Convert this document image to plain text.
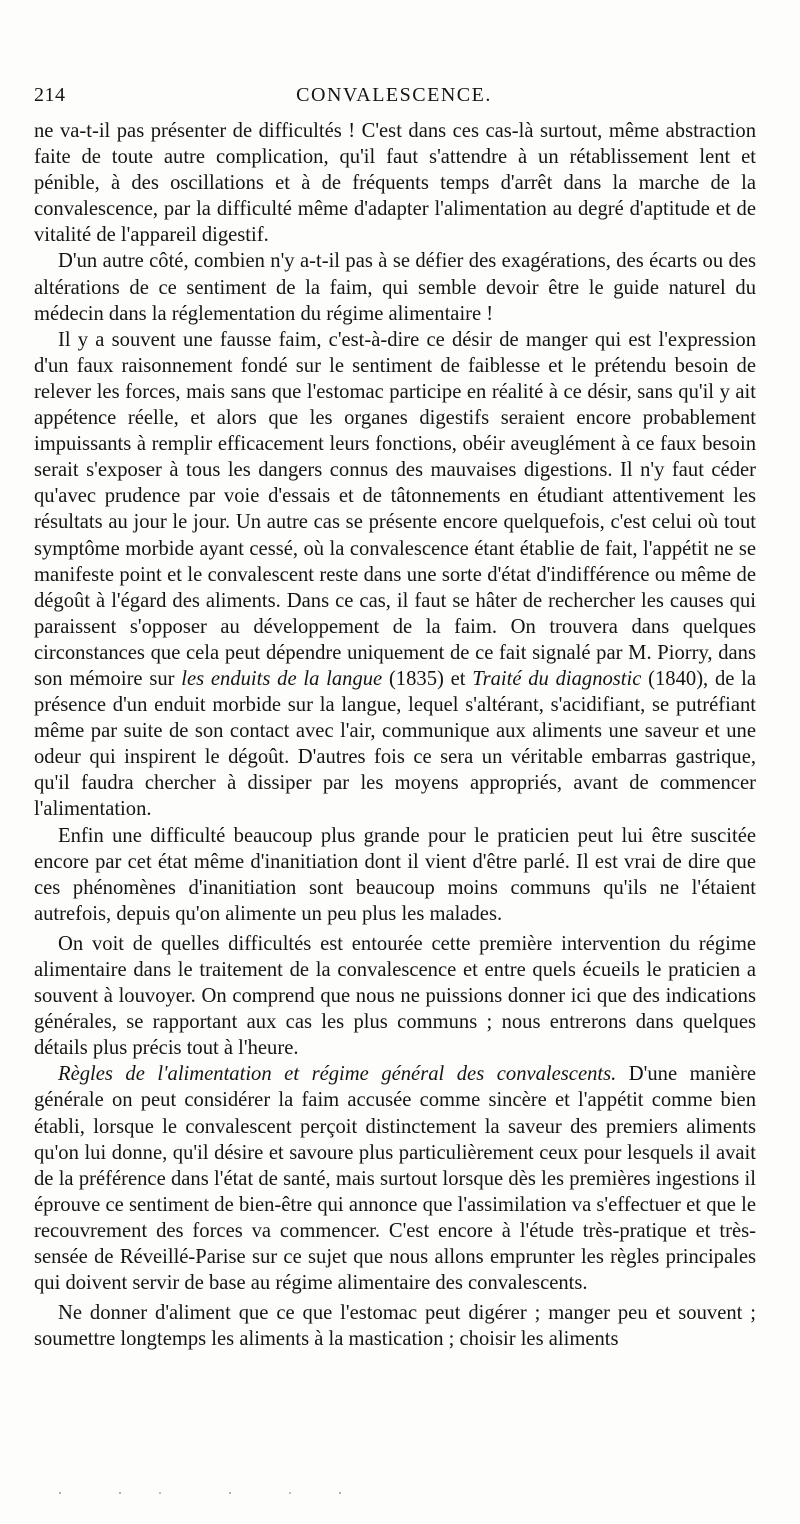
214	CONVALESCENCE.

ne va-t-il pas présenter de difficultés ! C'est dans ces cas-là surtout, même abstraction faite de toute autre complication, qu'il faut s'attendre à un rétablissement lent et pénible, à des oscillations et à de fréquents temps d'arrêt dans la marche de la convalescence, par la difficulté même d'adapter l'alimentation au degré d'aptitude et de vitalité de l'appareil digestif.

D'un autre côté, combien n'y a-t-il pas à se défier des exagérations, des écarts ou des altérations de ce sentiment de la faim, qui semble devoir être le guide naturel du médecin dans la réglementation du régime alimentaire !

Il y a souvent une fausse faim, c'est-à-dire ce désir de manger qui est l'expression d'un faux raisonnement fondé sur le sentiment de faiblesse et le prétendu besoin de relever les forces, mais sans que l'estomac participe en réalité à ce désir, sans qu'il y ait appétence réelle, et alors que les organes digestifs seraient encore probablement impuissants à remplir efficacement leurs fonctions, obéir aveuglément à ce faux besoin serait s'exposer à tous les dangers connus des mauvaises digestions. Il n'y faut céder qu'avec prudence par voie d'essais et de tâtonnements en étudiant attentivement les résultats au jour le jour. Un autre cas se présente encore quelquefois, c'est celui où tout symptôme morbide ayant cessé, où la convalescence étant établie de fait, l'appétit ne se manifeste point et le convalescent reste dans une sorte d'état d'indifférence ou même de dégoût à l'égard des aliments. Dans ce cas, il faut se hâter de rechercher les causes qui paraissent s'opposer au développement de la faim. On trouvera dans quelques circonstances que cela peut dépendre uniquement de ce fait signalé par M. Piorry, dans son mémoire sur les enduits de la langue (1835) et Traité du diagnostic (1840), de la présence d'un enduit morbide sur la langue, lequel s'altérant, s'acidifiant, se putréfiant même par suite de son contact avec l'air, communique aux aliments une saveur et une odeur qui inspirent le dégoût. D'autres fois ce sera un véritable embarras gastrique, qu'il faudra chercher à dissiper par les moyens appropriés, avant de commencer l'alimentation.

Enfin une difficulté beaucoup plus grande pour le praticien peut lui être suscitée encore par cet état même d'inanitiation dont il vient d'être parlé. Il est vrai de dire que ces phénomènes d'inanitiation sont beaucoup moins communs qu'ils ne l'étaient autrefois, depuis qu'on alimente un peu plus les malades.

On voit de quelles difficultés est entourée cette première intervention du régime alimentaire dans le traitement de la convalescence et entre quels écueils le praticien a souvent à louvoyer. On comprend que nous ne puissions donner ici que des indications générales, se rapportant aux cas les plus communs ; nous entrerons dans quelques détails plus précis tout à l'heure.

Règles de l'alimentation et régime général des convalescents. D'une manière générale on peut considérer la faim accusée comme sincère et l'appétit comme bien établi, lorsque le convalescent perçoit distinctement la saveur des premiers aliments qu'on lui donne, qu'il désire et savoure plus particulièrement ceux pour lesquels il avait de la préférence dans l'état de santé, mais surtout lorsque dès les premières ingestions il éprouve ce sentiment de bien-être qui annonce que l'assimilation va s'effectuer et que le recouvrement des forces va commencer. C'est encore à l'étude très-pratique et très-sensée de Réveillé-Parise sur ce sujet que nous allons emprunter les règles principales qui doivent servir de base au régime alimentaire des convalescents.

Ne donner d'aliment que ce que l'estomac peut digérer ; manger peu et souvent ; soumettre longtemps les aliments à la mastication ; choisir les aliments
